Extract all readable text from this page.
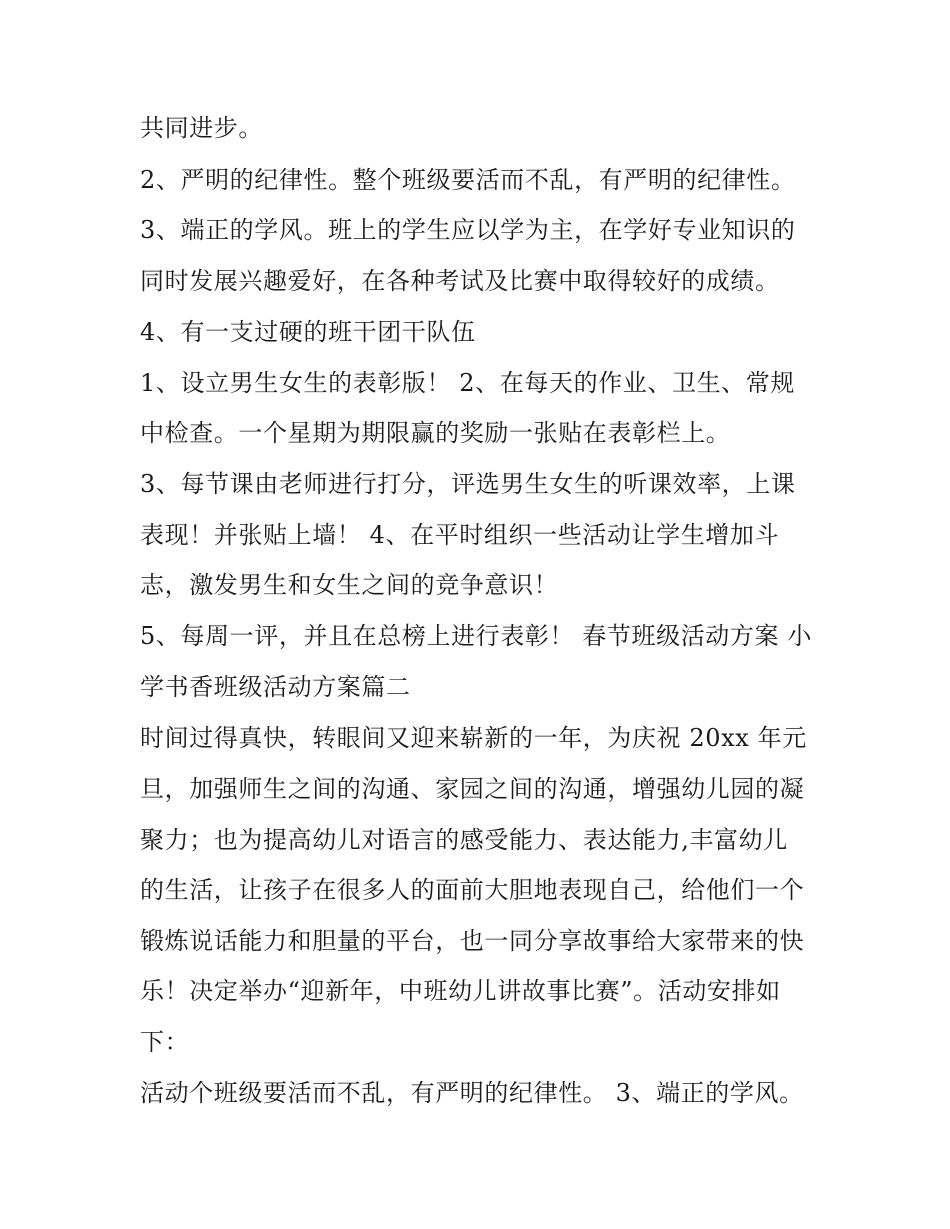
共同进步。
2、严明的纪律性。整个班级要活而不乱，有严明的纪律性。
3、端正的学风。班上的学生应以学为主，在学好专业知识的
同时发展兴趣爱好，在各种考试及比赛中取得较好的成绩。
4、有一支过硬的班干团干队伍
1、设立男生女生的表彰版！ 2、在每天的作业、卫生、常规
中检查。一个星期为期限赢的奖励一张贴在表彰栏上。
3、每节课由老师进行打分，评选男生女生的听课效率，上课
表现！并张贴上墙！ 4、在平时组织一些活动让学生增加斗
志，激发男生和女生之间的竞争意识！
5、每周一评，并且在总榜上进行表彰！ 春节班级活动方案 小
学书香班级活动方案篇二
时间过得真快，转眼间又迎来崭新的一年，为庆祝 20xx 年元
旦，加强师生之间的沟通、家园之间的沟通，增强幼儿园的凝
聚力；也为提高幼儿对语言的感受能力、表达能力,丰富幼儿
的生活，让孩子在很多人的面前大胆地表现自己，给他们一个
锻炼说话能力和胆量的平台，也一同分享故事给大家带来的快
乐！决定举办“迎新年，中班幼儿讲故事比赛”。活动安排如
下：
活动个班级要活而不乱，有严明的纪律性。 3、端正的学风。
